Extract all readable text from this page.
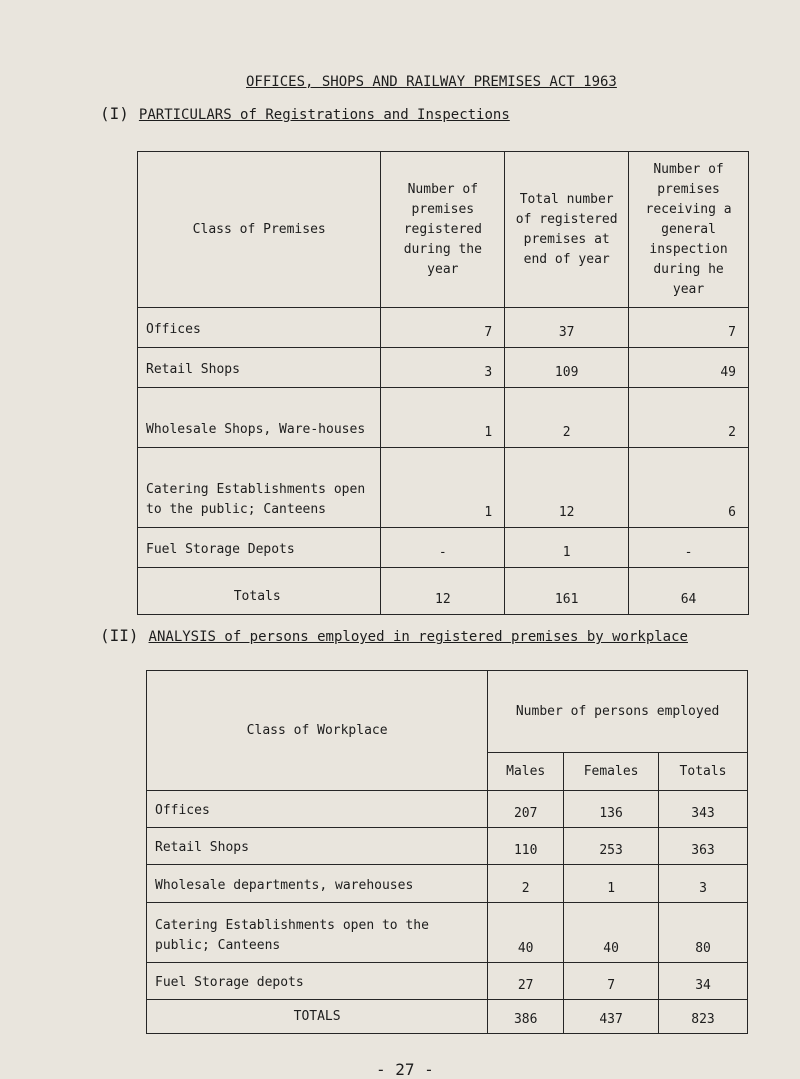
OFFICES, SHOPS AND RAILWAY PREMISES ACT 1963
(I) PARTICULARS of Registrations and Inspections
Class of Premises	Number of premises registered during the year	Total number of registered premises at end of year	Number of premises receiving a general inspection during he year
Offices	7	37	7
Retail Shops	3	109	49
Wholesale Shops, Ware-houses	1	2	2
Catering Establishments open to the public; Canteens	1	12	6
Fuel Storage Depots	-	1	-
Totals	12	161	64
(II) ANALYSIS of persons employed in registered premises by workplace
Class of Workplace	Number of persons employed		
	Males	Females	Totals
Offices	207	136	343
Retail Shops	110	253	363
Wholesale departments, warehouses	2	1	3
Catering Establishments open to the public; Canteens	40	40	80
Fuel Storage depots	27	7	34
TOTALS	386	437	823
- 27 -
